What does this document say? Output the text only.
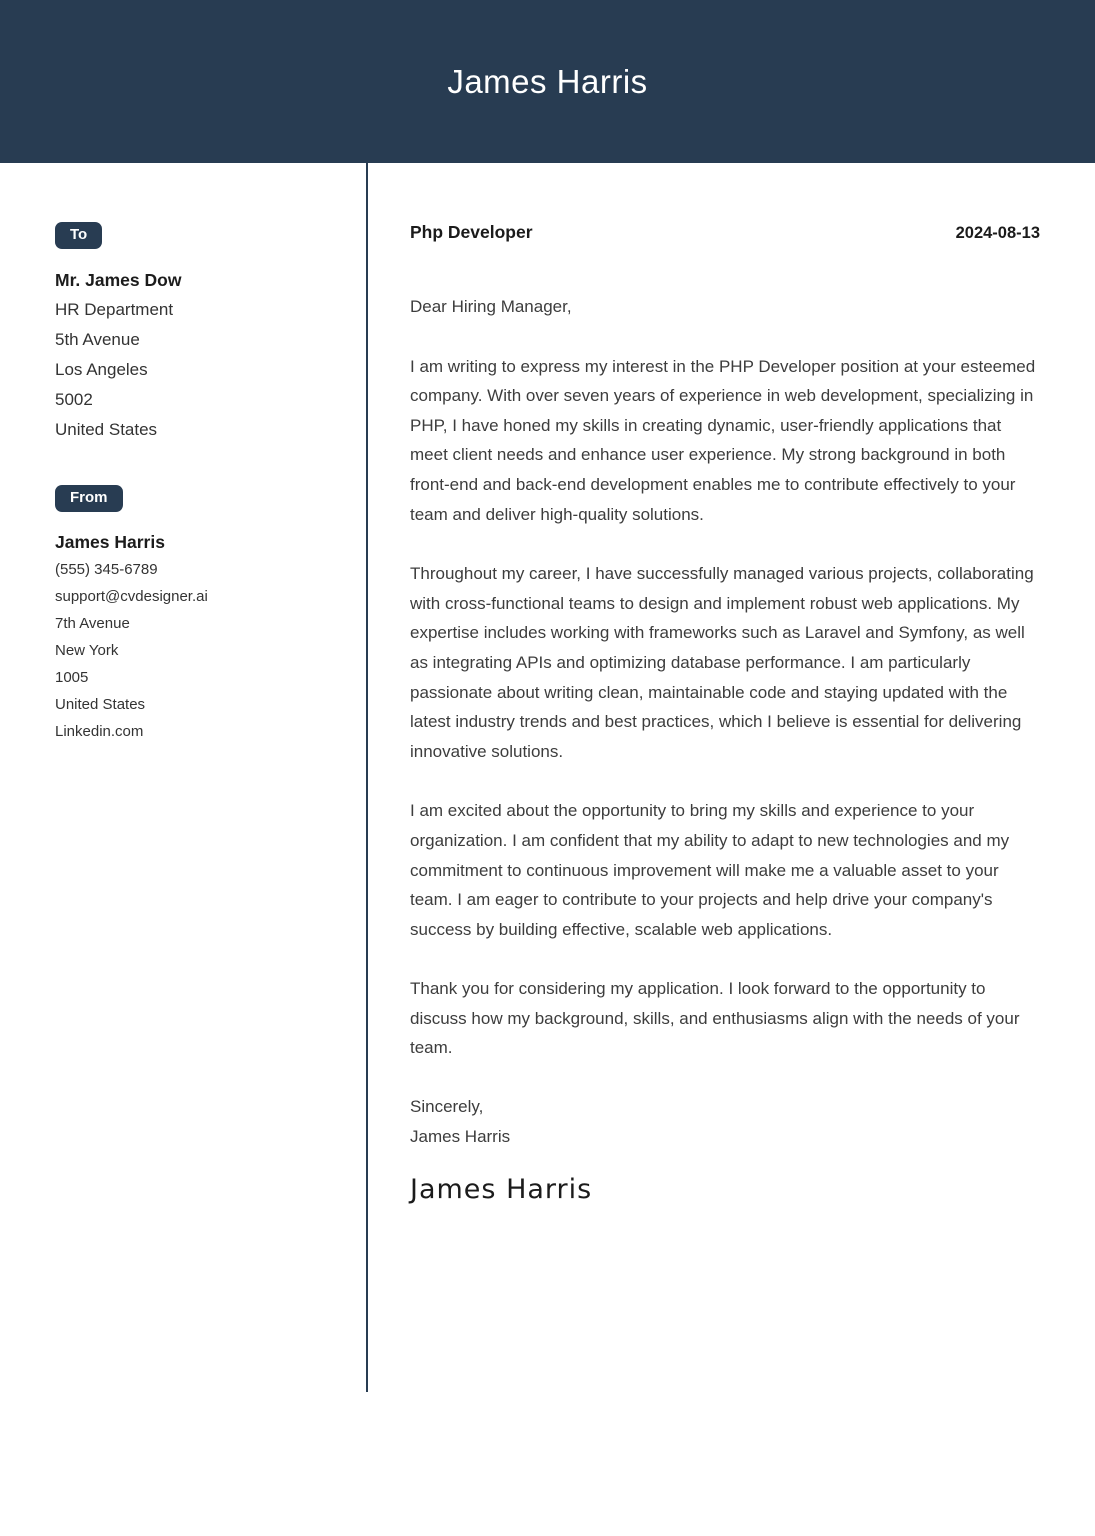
James Harris
To
Mr. James Dow
HR Department
5th Avenue
Los Angeles
5002
United States
From
James Harris
(555) 345-6789
support@cvdesigner.ai
7th Avenue
New York
1005
United States
Linkedin.com
Php Developer	2024-08-13
Dear Hiring Manager,

I am writing to express my interest in the PHP Developer position at your esteemed company. With over seven years of experience in web development, specializing in PHP, I have honed my skills in creating dynamic, user-friendly applications that meet client needs and enhance user experience. My strong background in both front-end and back-end development enables me to contribute effectively to your team and deliver high-quality solutions.

Throughout my career, I have successfully managed various projects, collaborating with cross-functional teams to design and implement robust web applications. My expertise includes working with frameworks such as Laravel and Symfony, as well as integrating APIs and optimizing database performance. I am particularly passionate about writing clean, maintainable code and staying updated with the latest industry trends and best practices, which I believe is essential for delivering innovative solutions.

I am excited about the opportunity to bring my skills and experience to your organization. I am confident that my ability to adapt to new technologies and my commitment to continuous improvement will make me a valuable asset to your team. I am eager to contribute to your projects and help drive your company's success by building effective, scalable web applications.

Thank you for considering my application. I look forward to the opportunity to discuss how my background, skills, and enthusiasms align with the needs of your team.

Sincerely,
James Harris
James Harris
